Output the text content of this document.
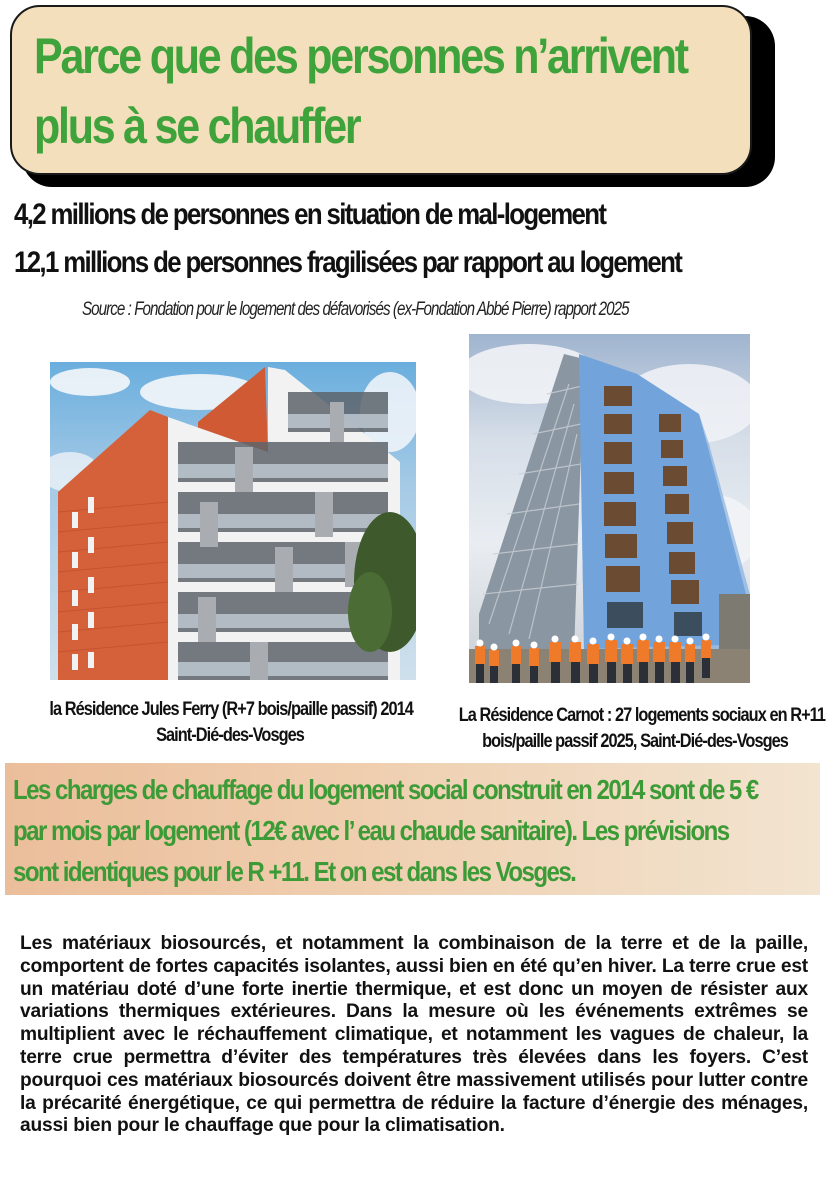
Parce que des personnes n’arrivent
plus à se chauffer
4,2 millions de personnes en situation de mal-logement
12,1 millions de personnes fragilisées par rapport au logement
Source : Fondation pour le logement des défavorisés (ex-Fondation Abbé Pierre) rapport 2025
la Résidence Jules Ferry (R+7 bois/paille passif) 2014
Saint-Dié-des-Vosges
La Résidence Carnot : 27 logements sociaux en R+11
bois/paille passif 2025, Saint-Dié-des-Vosges
Les charges de chauffage du logement social construit en 2014 sont de 5 €
par mois par logement (12€ avec l’ eau chaude sanitaire). Les prévisions
sont identiques pour le R +11. Et on est dans les Vosges.

Les matériaux biosourcés, et notamment la combinaison de la terre et de la paille, comportent de fortes capacités isolantes, aussi bien en été qu’en hiver. La terre crue est un matériau doté d’une forte inertie thermique, et est donc un moyen de résister aux variations thermiques extérieures. Dans la mesure où les événements extrêmes se multiplient avec le réchauffement climatique, et notamment les vagues de chaleur, la terre crue permettra d’éviter des températures très élevées dans les foyers. C’est pourquoi ces matériaux biosourcés doivent être massivement utilisés pour lutter contre la précarité énergétique, ce qui permettra de réduire la facture d’énergie des ménages, aussi bien pour le chauffage que pour la climatisation.
